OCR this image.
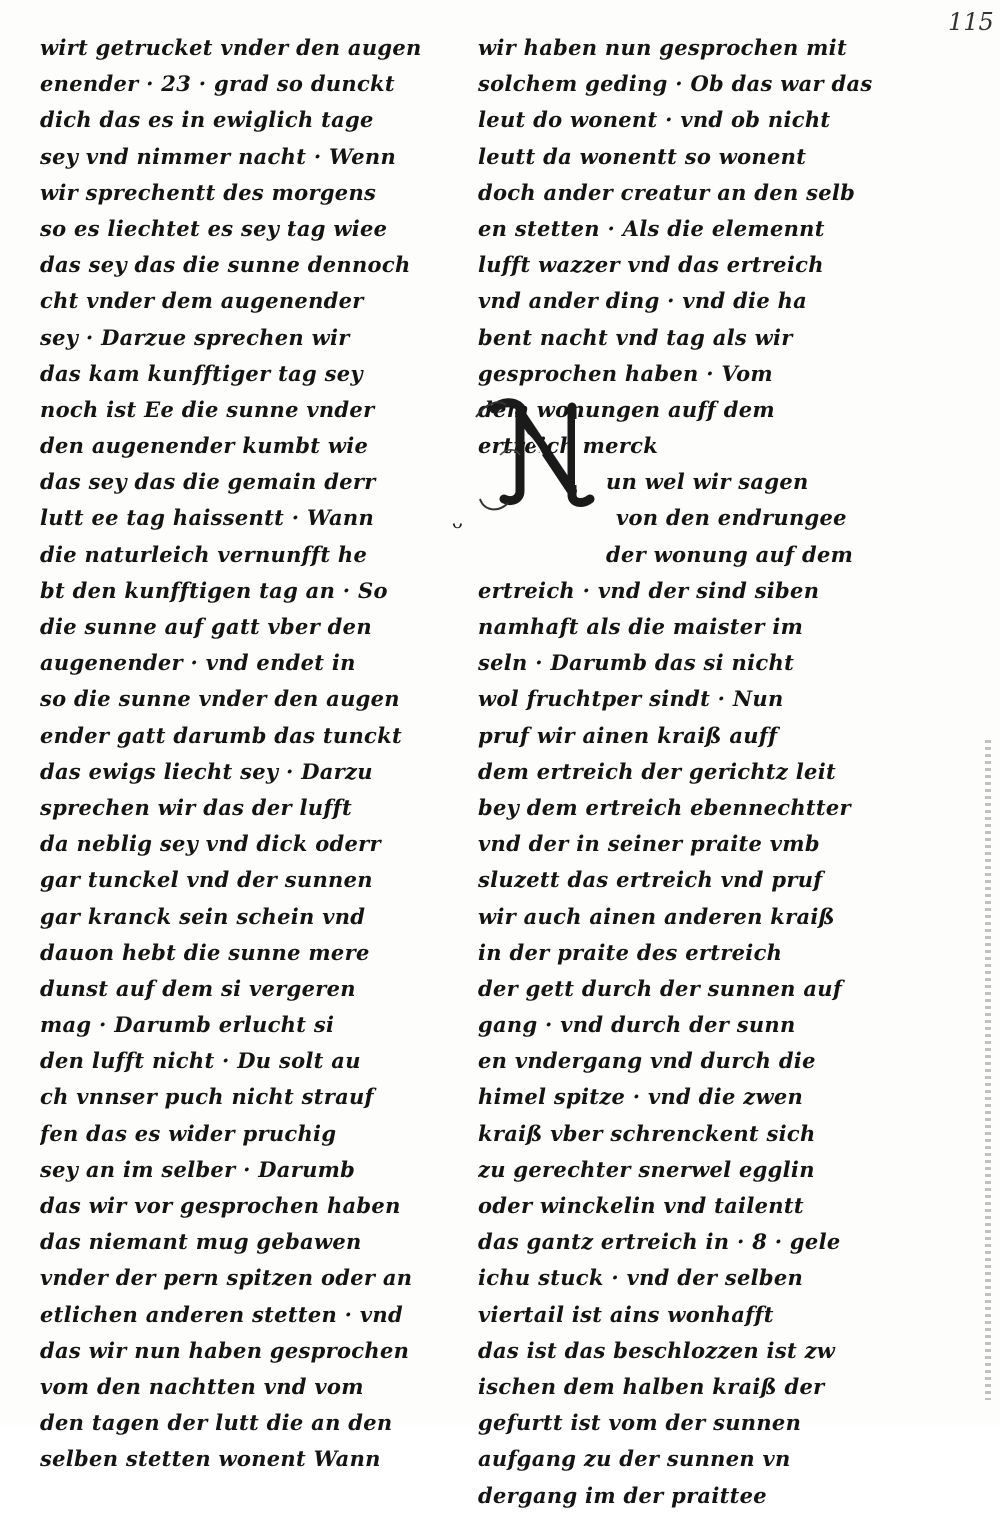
115
wirt getrucket vnder den augen
enender · 23 · grad so dunckt
dich das es in ewiglich tage
sey vnd nimmer nacht · Wenn
wir sprechentt des morgens
so es liechtet es sey tag wiee
das sey das die sunne dennoch
cht vnder dem augenender
sey · Darzue sprechen wir
das kam kunfftiger tag sey
noch ist Ee die sunne vnder
den augenender kumbt wie
das sey das die gemain derr
lutt ee tag haissentt · Wann
die naturleich vernunfft he
bt den kunfftigen tag an · So
die sunne auf gatt vber den
augenender · vnd endet in
so die sunne vnder den augen
ender gatt darumb das tunckt
das ewigs liecht sey · Darzu
sprechen wir das der lufft
da neblig sey vnd dick oderr
gar tunckel vnd der sunnen
gar kranck sein schein vnd
dauon hebt die sunne mere
dunst auf dem si vergeren
mag · Darumb erlucht si
den lufft nicht · Du solt au
ch vnnser puch nicht strauf
fen das es wider pruchig
sey an im selber · Darumb
das wir vor gesprochen haben
das niemant mug gebawen
vnder der pern spitzen oder an
etlichen anderen stetten · vnd
das wir nun haben gesprochen
vom den nachtten vnd vom
den tagen der lutt die an den
selben stetten wonent Wann
wir haben nun gesprochen mit
solchem geding · Ob das war das
leut do wonent · vnd ob nicht
leutt da wonentt so wonent
doch ander creatur an den selb
en stetten · Als die elemennt
lufft wazzer vnd das ertreich
vnd ander ding · vnd die ha
bent nacht vnd tag als wir
gesprochen haben · Vom
dem wonungen auff dem
ertreich merck
un wel wir sagen
von den endrungee
der wonung auf dem
ertreich · vnd der sind siben
namhaft als die maister im
seln · Darumb das si nicht
wol fruchtper sindt · Nun
pruf wir ainen kraiß auff
dem ertreich der gerichtz leit
bey dem ertreich ebennechtter
vnd der in seiner praite vmb
sluzett das ertreich vnd pruf
wir auch ainen anderen kraiß
in der praite des ertreich
der gett durch der sunnen auf
gang · vnd durch der sunn
en vndergang vnd durch die
himel spitze · vnd die zwen
kraiß vber schrenckent sich
zu gerechter snerwel egglin
oder winckelin vnd tailentt
das gantz ertreich in · 8 · gele
ichu stuck · vnd der selben
viertail ist ains wonhafft
das ist das beschlozzen ist zw
ischen dem halben kraiß der
gefurtt ist vom der sunnen
aufgang zu der sunnen vn
dergang im der praittee
ᴗ
